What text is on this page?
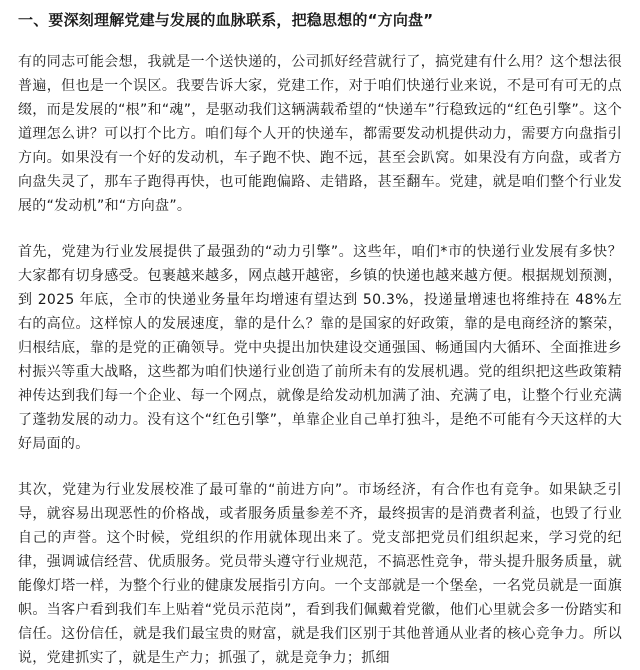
一、要深刻理解党建与发展的血脉联系，把稳思想的“方向盘”

有的同志可能会想，我就是一个送快递的，公司抓好经营就行了，搞党建有什么用？这个想法很普遍，但也是一个误区。我要告诉大家，党建工作，对于咱们快递行业来说，不是可有可无的点缀，而是发展的“根”和“魂”，是驱动我们这辆满载希望的“快递车”行稳致远的“红色引擎”。这个道理怎么讲？可以打个比方。咱们每个人开的快递车，都需要发动机提供动力，需要方向盘指引方向。如果没有一个好的发动机，车子跑不快、跑不远，甚至会趴窝。如果没有方向盘，或者方向盘失灵了，那车子跑得再快，也可能跑偏路、走错路，甚至翻车。党建，就是咱们整个行业发展的“发动机”和“方向盘”。

首先，党建为行业发展提供了最强劲的“动力引擎”。这些年，咱们*市的快递行业发展有多快？大家都有切身感受。包裹越来越多，网点越开越密，乡镇的快递也越来越方便。根据规划预测，到 2025 年底，全市的快递业务量年均增速有望达到 50.3%，投递量增速也将维持在 48%左右的高位。这样惊人的发展速度，靠的是什么？靠的是国家的好政策，靠的是电商经济的繁荣，归根结底，靠的是党的正确领导。党中央提出加快建设交通强国、畅通国内大循环、全面推进乡村振兴等重大战略，这些都为咱们快递行业创造了前所未有的发展机遇。党的组织把这些政策精神传达到我们每一个企业、每一个网点，就像是给发动机加满了油、充满了电，让整个行业充满了蓬勃发展的动力。没有这个“红色引擎”，单靠企业自己单打独斗，是绝不可能有今天这样的大好局面的。

其次，党建为行业发展校准了最可靠的“前进方向”。市场经济，有合作也有竞争。如果缺乏引导，就容易出现恶性的价格战，或者服务质量参差不齐，最终损害的是消费者利益，也毁了行业自己的声誉。这个时候，党组织的作用就体现出来了。党支部把党员们组织起来，学习党的纪律，强调诚信经营、优质服务。党员带头遵守行业规范，不搞恶性竞争，带头提升服务质量，就能像灯塔一样，为整个行业的健康发展指引方向。一个支部就是一个堡垒，一名党员就是一面旗帜。当客户看到我们车上贴着“党员示范岗”，看到我们佩戴着党徽，他们心里就会多一份踏实和信任。这份信任，就是我们最宝贵的财富，就是我们区别于其他普通从业者的核心竞争力。所以说，党建抓实了，就是生产力；抓强了，就是竞争力；抓细
